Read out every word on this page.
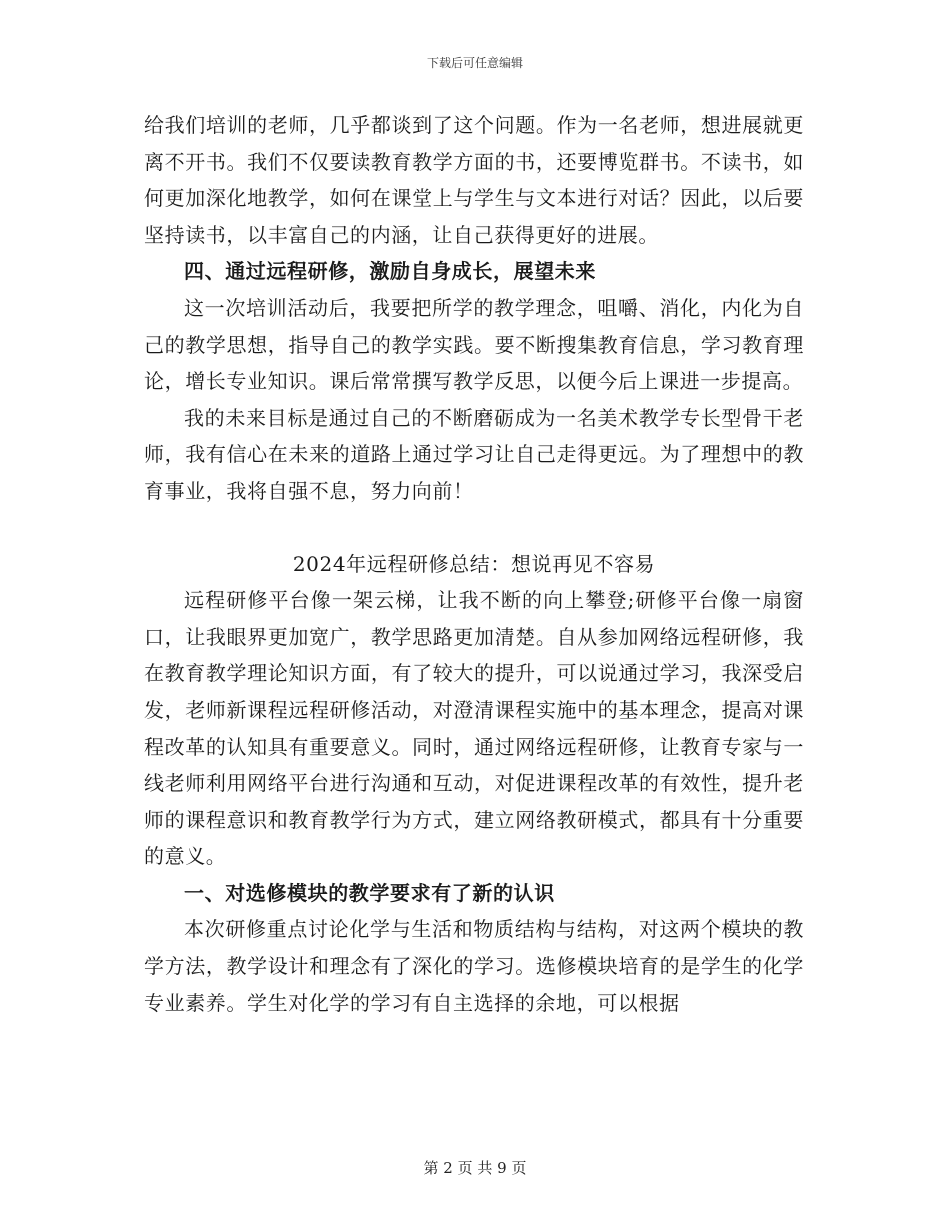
下载后可任意编辑

给我们培训的老师，几乎都谈到了这个问题。作为一名老师，想进展就更离不开书。我们不仅要读教育教学方面的书，还要博览群书。不读书，如何更加深化地教学，如何在课堂上与学生与文本进行对话？因此，以后要坚持读书，以丰富自己的内涵，让自己获得更好的进展。

四、通过远程研修，激励自身成长，展望未来

这一次培训活动后，我要把所学的教学理念，咀嚼、消化，内化为自己的教学思想，指导自己的教学实践。要不断搜集教育信息，学习教育理论，增长专业知识。课后常常撰写教学反思，以便今后上课进一步提高。

我的未来目标是通过自己的不断磨砺成为一名美术教学专长型骨干老师，我有信心在未来的道路上通过学习让自己走得更远。为了理想中的教育事业，我将自强不息，努力向前！

2024年远程研修总结：想说再见不容易

远程研修平台像一架云梯，让我不断的向上攀登;研修平台像一扇窗口，让我眼界更加宽广，教学思路更加清楚。自从参加网络远程研修，我在教育教学理论知识方面，有了较大的提升，可以说通过学习，我深受启发，老师新课程远程研修活动，对澄清课程实施中的基本理念，提高对课程改革的认知具有重要意义。同时，通过网络远程研修，让教育专家与一线老师利用网络平台进行沟通和互动，对促进课程改革的有效性，提升老师的课程意识和教育教学行为方式，建立网络教研模式，都具有十分重要的意义。

一、对选修模块的教学要求有了新的认识

本次研修重点讨论化学与生活和物质结构与结构，对这两个模块的教学方法，教学设计和理念有了深化的学习。选修模块培育的是学生的化学专业素养。学生对化学的学习有自主选择的余地，可以根据

第 2 页 共 9 页
